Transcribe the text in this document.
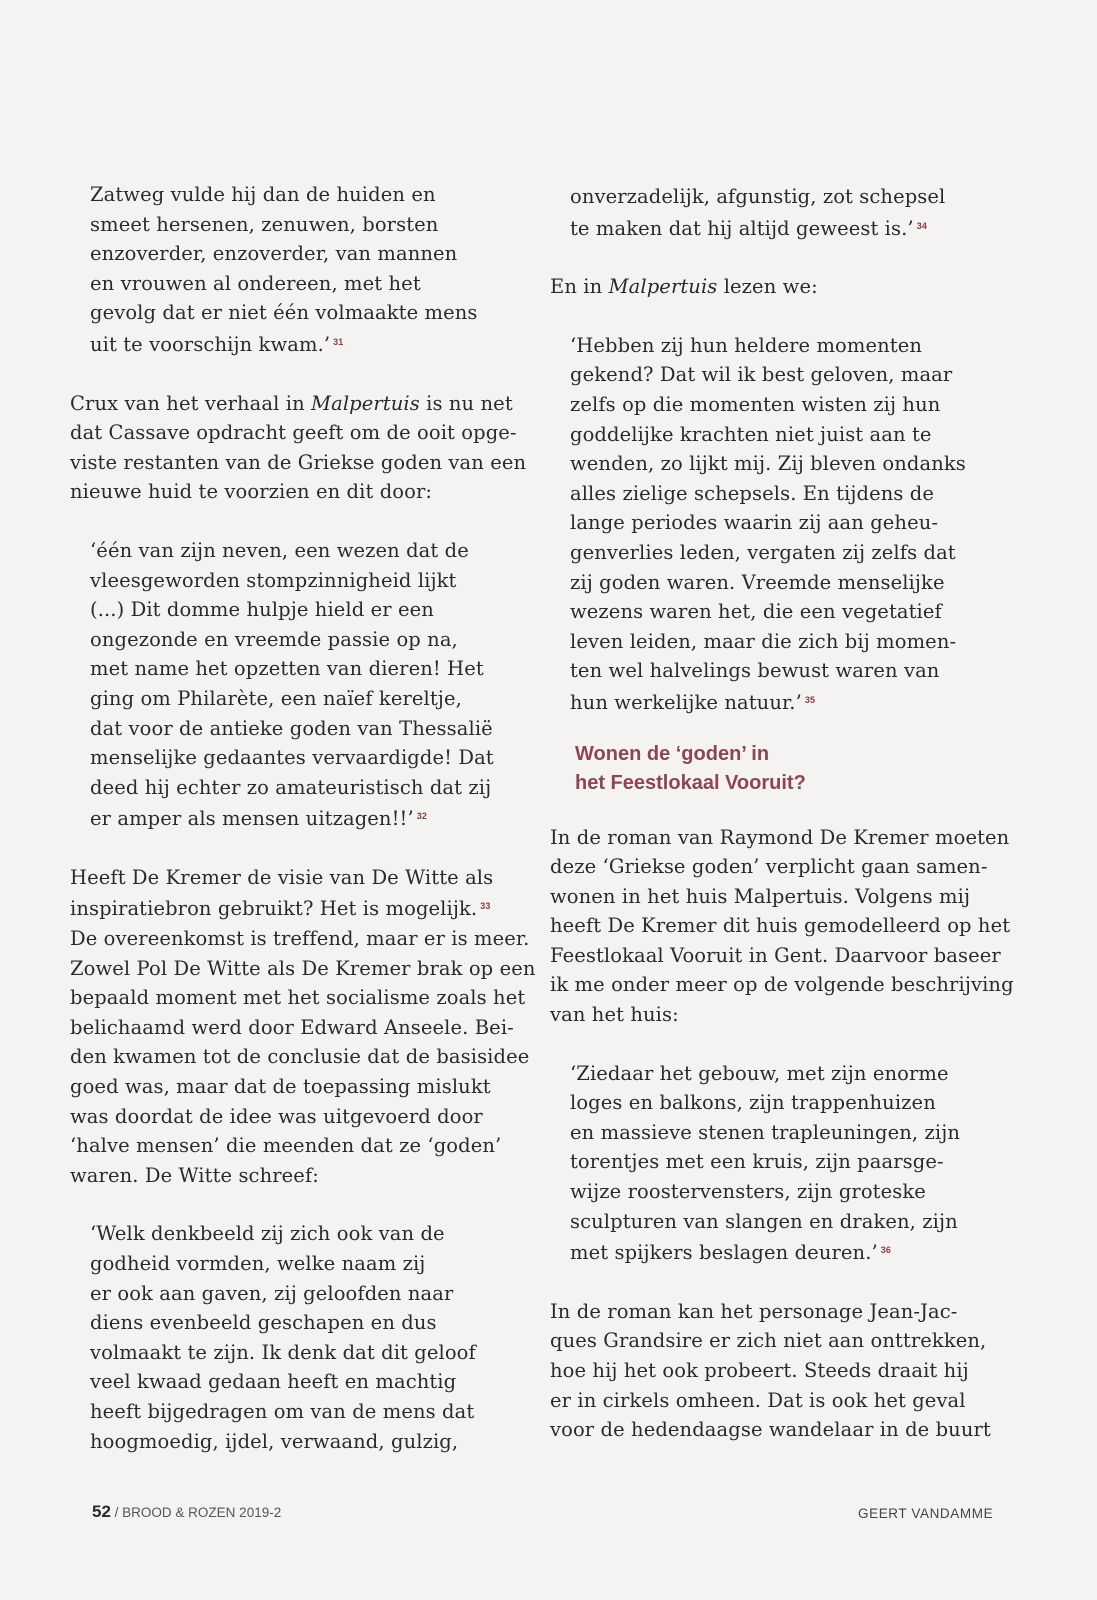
Zatweg vulde hij dan de huiden en
smeet hersenen, zenuwen, borsten
enzoverder, enzoverder, van mannen
en vrouwen al ondereen, met het
gevolg dat er niet één volmaakte mens
uit te voorschijn kwam.’ $^{31}$
Crux van het verhaal in Malpertuis is nu net
dat Cassave opdracht geeft om de ooit opge-
viste restanten van de Griekse goden van een
nieuwe huid te voorzien en dit door:
‘één van zijn neven, een wezen dat de
vleesgeworden stompzinnigheid lijkt
(...) Dit domme hulpje hield er een
ongezonde en vreemde passie op na,
met name het opzetten van dieren! Het
ging om Philarète, een naïef kereltje,
dat voor de antieke goden van Thessalië
menselijke gedaantes vervaardigde! Dat
deed hij echter zo amateuristisch dat zij
er amper als mensen uitzagen!!’ $^{32}$
Heeft De Kremer de visie van De Witte als
inspiratiebron gebruikt? Het is mogelijk. $^{33}$
De overeenkomst is treffend, maar er is meer.
Zowel Pol De Witte als De Kremer brak op een
bepaald moment met het socialisme zoals het
belichaamd werd door Edward Anseele. Bei-
den kwamen tot de conclusie dat de basisidee
goed was, maar dat de toepassing mislukt
was doordat de idee was uitgevoerd door
‘halve mensen’ die meenden dat ze ‘goden’
waren. De Witte schreef:
‘Welk denkbeeld zij zich ook van de
godheid vormden, welke naam zij
er ook aan gaven, zij geloofden naar
diens evenbeeld geschapen en dus
volmaakt te zijn. Ik denk dat dit geloof
veel kwaad gedaan heeft en machtig
heeft bijgedragen om van de mens dat
hoogmoedig, ijdel, verwaand, gulzig,
onverzadelijk, afgunstig, zot schepsel
te maken dat hij altijd geweest is.’ $^{34}$
En in Malpertuis lezen we:
‘Hebben zij hun heldere momenten
gekend? Dat wil ik best geloven, maar
zelfs op die momenten wisten zij hun
goddelijke krachten niet juist aan te
wenden, zo lijkt mij. Zij bleven ondanks
alles zielige schepsels. En tijdens de
lange periodes waarin zij aan geheu-
genverlies leden, vergaten zij zelfs dat
zij goden waren. Vreemde menselijke
wezens waren het, die een vegetatief
leven leiden, maar die zich bij momen-
ten wel halvelings bewust waren van
hun werkelijke natuur.’ $^{35}$
Wonen de ‘goden’ in
het Feestlokaal Vooruit?
In de roman van Raymond De Kremer moeten
deze ‘Griekse goden’ verplicht gaan samen-
wonen in het huis Malpertuis. Volgens mij
heeft De Kremer dit huis gemodelleerd op het
Feestlokaal Vooruit in Gent. Daarvoor baseer
ik me onder meer op de volgende beschrijving
van het huis:
‘Ziedaar het gebouw, met zijn enorme
loges en balkons, zijn trappenhuizen
en massieve stenen trapleuningen, zijn
torentjes met een kruis, zijn paarsge-
wijze roostervensters, zijn groteske
sculpturen van slangen en draken, zijn
met spijkers beslagen deuren.’ $^{36}$
In de roman kan het personage Jean-Jac-
ques Grandsire er zich niet aan onttrekken,
hoe hij het ook probeert. Steeds draait hij
er in cirkels omheen. Dat is ook het geval
voor de hedendaagse wandelaar in de buurt
52 / BROOD & ROZEN 2019-2	GEERT VANDAMME
